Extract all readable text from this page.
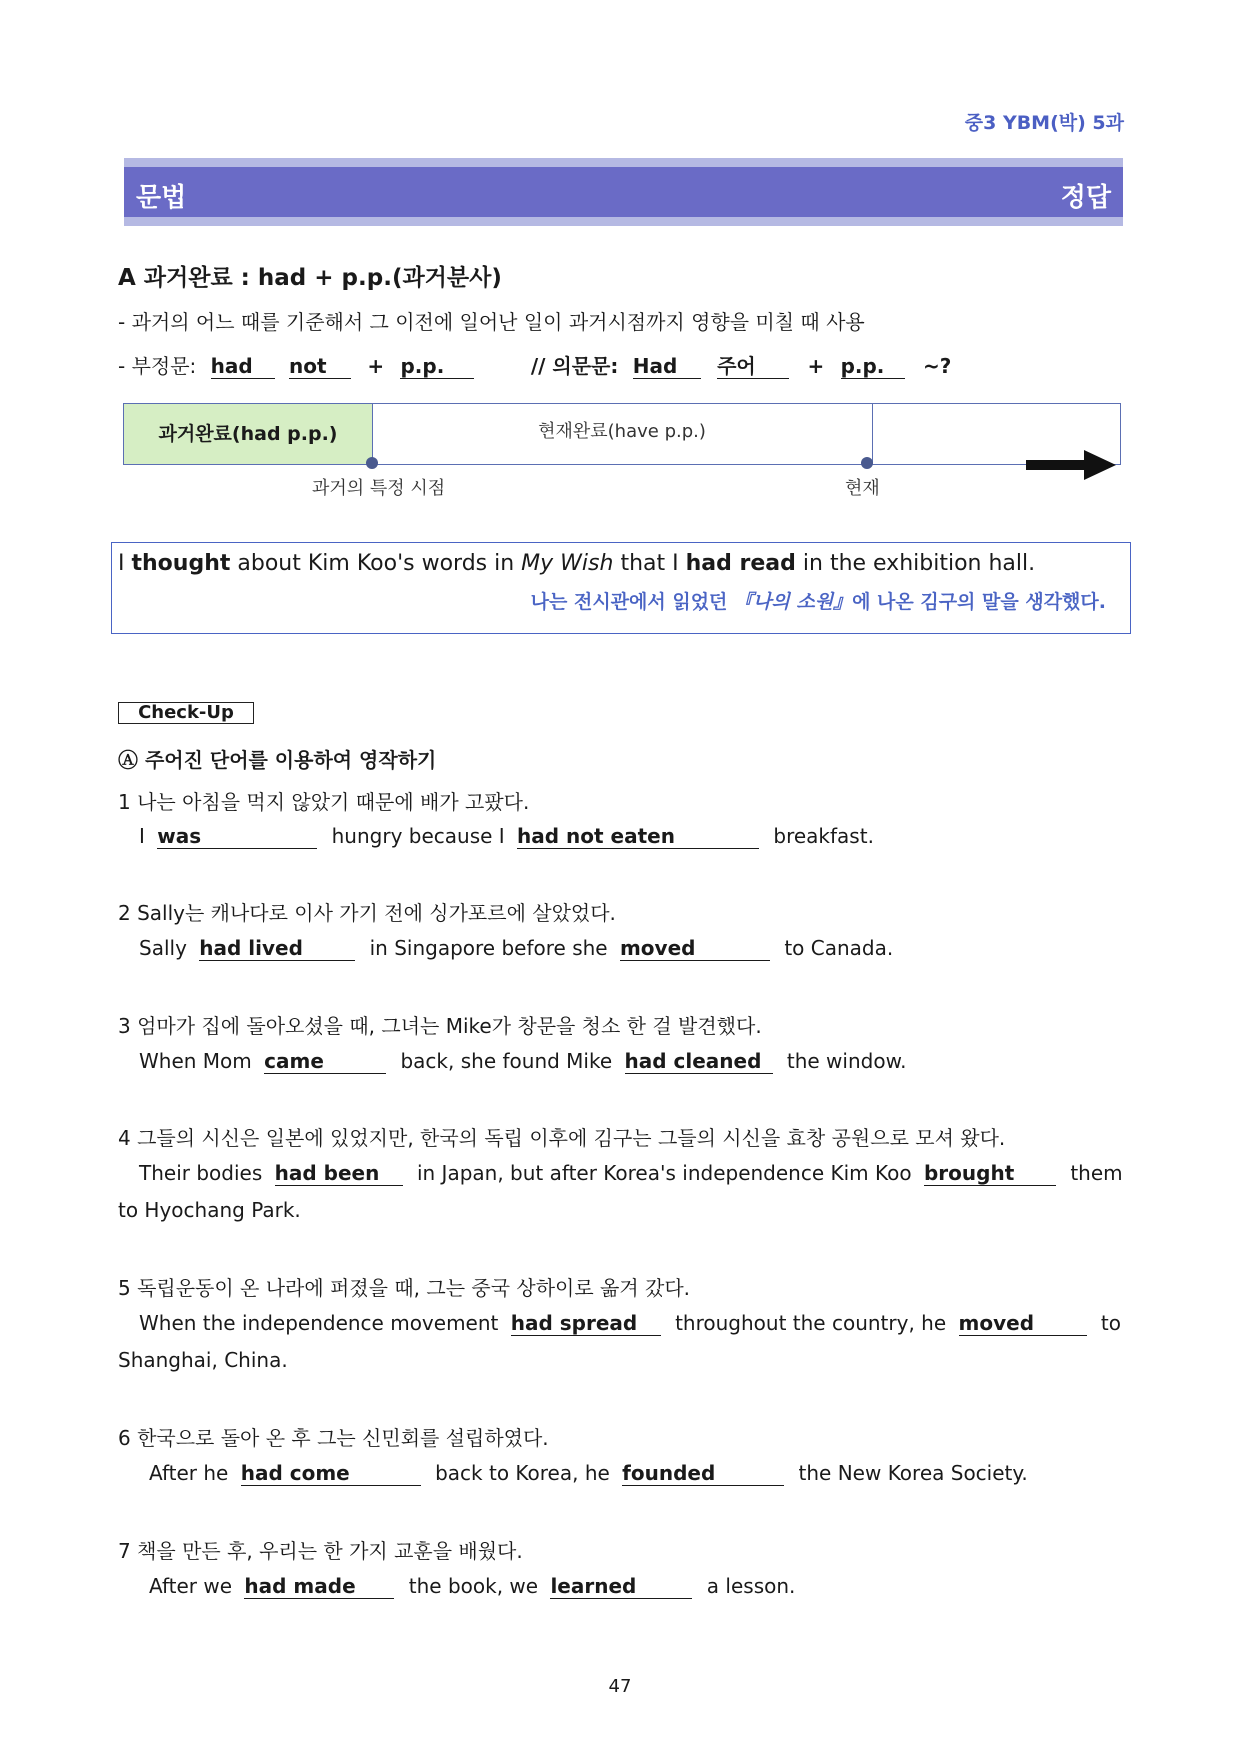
중3 YBM(박) 5과
문법	정답
A 과거완료 : had + p.p.(과거분사)
- 과거의 어느 때를 기준해서 그 이전에 일어난 일이 과거시점까지 영향을 미칠 때 사용
- 부정문: had not + p.p.	// 의문문: Had 주어	+ p.p. ~?
과거완료(had p.p.)	현재완료(have p.p.)
과거의 특정 시점	현재
I thought about Kim Koo's words in My Wish that I had read in the exhibition hall.
나는 전시관에서 읽었던 『나의 소원』에 나온 김구의 말을 생각했다.
Check-Up
Ⓐ 주어진 단어를 이용하여 영작하기
1 나는 아침을 먹지 않았기 때문에 배가 고팠다.
I was	hungry because I had not eaten	breakfast.
2 Sally는 캐나다로 이사 가기 전에 싱가포르에 살았었다.
Sally had lived	in Singapore before she moved	to Canada.
3 엄마가 집에 돌아오셨을 때, 그녀는 Mike가 창문을 청소 한 걸 발견했다.
When Mom came	back, she found Mike had cleaned the window.
4 그들의 시신은 일본에 있었지만, 한국의 독립 이후에 김구는 그들의 시신을 효창 공원으로 모셔 왔다.
Their bodies had been in Japan, but after Korea's independence Kim Koo brought	them
to Hyochang Park.
5 독립운동이 온 나라에 퍼졌을 때, 그는 중국 상하이로 옮겨 갔다.
When the independence movement had spread throughout the country, he moved	to
Shanghai, China.
6 한국으로 돌아 온 후 그는 신민회를 설립하였다.
After he had come	back to Korea, he founded	the New Korea Society.
7 책을 만든 후, 우리는 한 가지 교훈을 배웠다.
After we had made	the book, we learned	a lesson.
47
